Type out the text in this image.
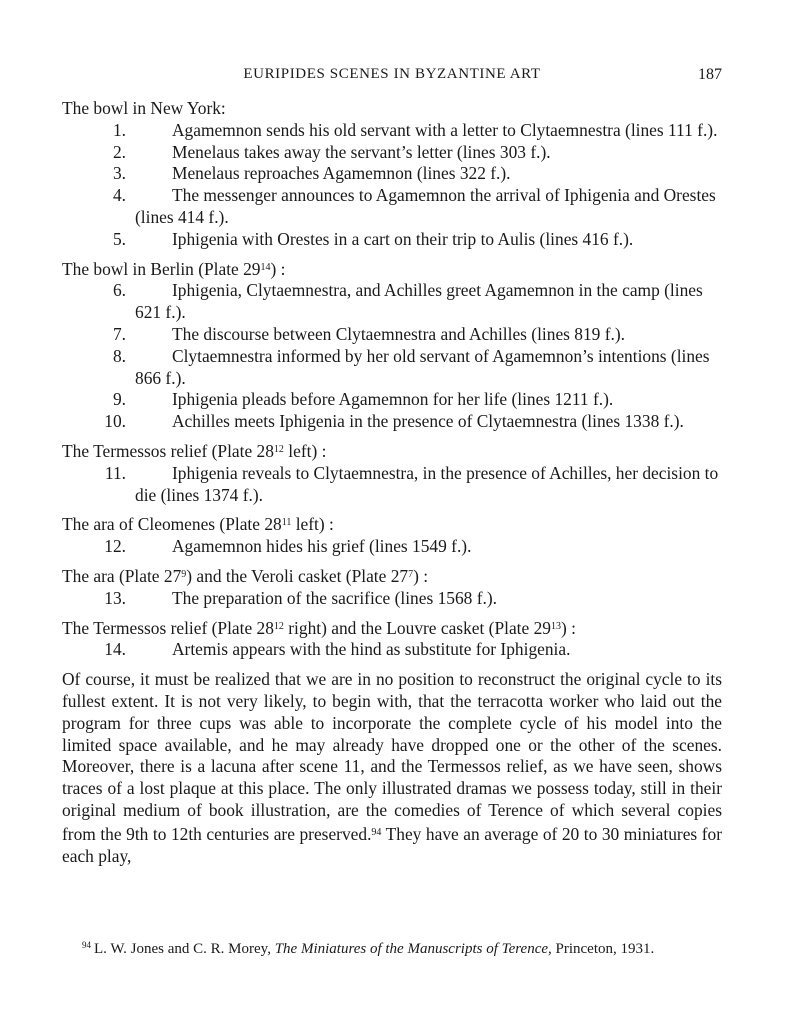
EURIPIDES SCENES IN BYZANTINE ART	187

The bowl in New York:

1.	Agamemnon sends his old servant with a letter to Clytaemnestra (lines 111 f.).
2.	Menelaus takes away the servant’s letter (lines 303 f.).
3.	Menelaus reproaches Agamemnon (lines 322 f.).
4.	The messenger announces to Agamemnon the arrival of Iphigenia and Orestes (lines 414 f.).
5.	Iphigenia with Orestes in a cart on their trip to Aulis (lines 416 f.).

The bowl in Berlin (Plate $29^{14}$) :

6.	Iphigenia, Clytaemnestra, and Achilles greet Agamemnon in the camp (lines 621 f.).
7.	The discourse between Clytaemnestra and Achilles (lines 819 f.).
8.	Clytaemnestra informed by her old servant of Agamemnon’s intentions (lines 866 f.).
9.	Iphigenia pleads before Agamemnon for her life (lines 1211 f.).
10.	Achilles meets Iphigenia in the presence of Clytaemnestra (lines 1338 f.).

The Termessos relief (Plate $28^{12}$ left) :

11.	Iphigenia reveals to Clytaemnestra, in the presence of Achilles, her decision to die (lines 1374 f.).

The ara of Cleomenes (Plate $28^{11}$ left) :

12.	Agamemnon hides his grief (lines 1549 f.).

The ara (Plate $27^9$) and the Veroli casket (Plate $27^7$) :

13.	The preparation of the sacrifice (lines 1568 f.).

The Termessos relief (Plate $28^{12}$ right) and the Louvre casket (Plate $29^{13}$) :

14.	Artemis appears with the hind as substitute for Iphigenia.

Of course, it must be realized that we are in no position to reconstruct the original cycle to its fullest extent. It is not very likely, to begin with, that the terracotta worker who laid out the program for three cups was able to incorporate the complete cycle of his model into the limited space available, and he may already have dropped one or the other of the scenes. Moreover, there is a lacuna after scene 11, and the Termessos relief, as we have seen, shows traces of a lost plaque at this place. The only illustrated dramas we possess today, still in their original medium of book illustration, are the comedies of Terence of which several copies from the 9th to 12th centuries are preserved.$^{94}$ They have an average of 20 to 30 miniatures for each play,

$^{94}$ L. W. Jones and C. R. Morey, The Miniatures of the Manuscripts of Terence, Princeton, 1931.
